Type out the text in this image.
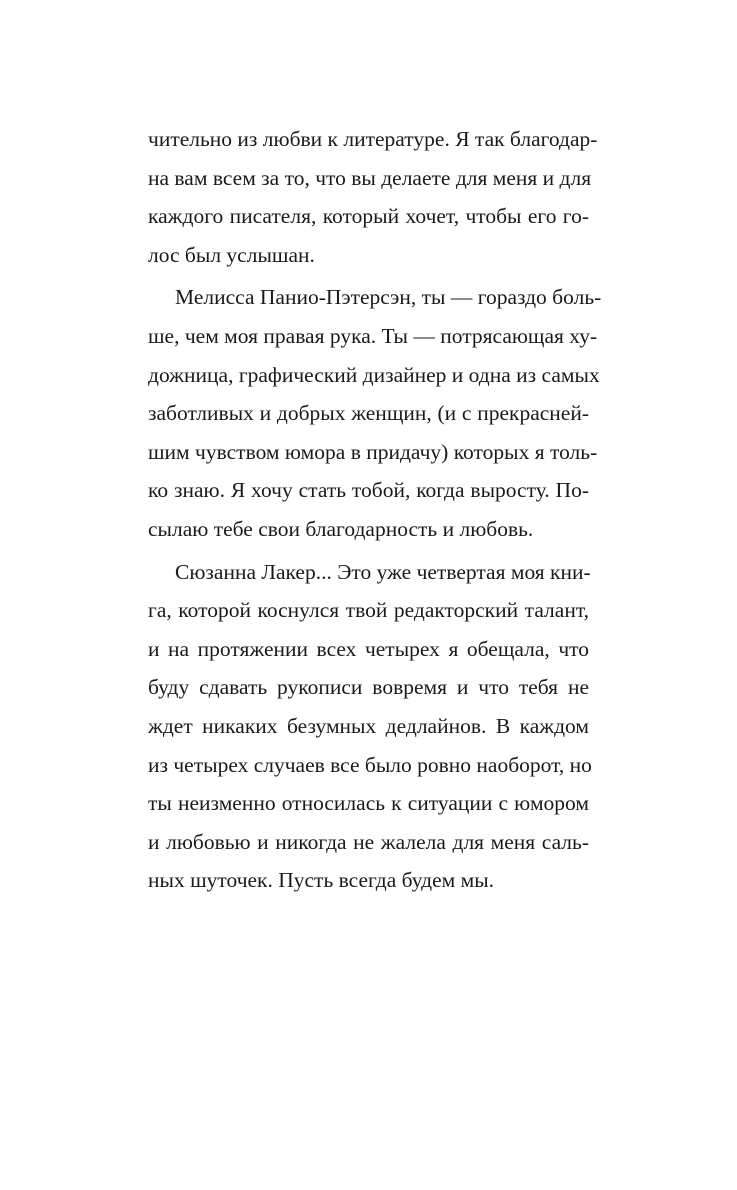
чительно из любви к литературе. Я так благодар-
на вам всем за то, что вы делаете для меня и для
каждого писателя, который хочет, чтобы его го-
лос был услышан.
Мелисса Панио-Пэтерсэн, ты — гораздо боль-
ше, чем моя правая рука. Ты — потрясающая ху-
дожница, графический дизайнер и одна из самых
заботливых и добрых женщин, (и с прекрасней-
шим чувством юмора в придачу) которых я толь-
ко знаю. Я хочу стать тобой, когда выросту. По-
сылаю тебе свои благодарность и любовь.
Сюзанна Лакер... Это уже четвертая моя кни-
га, которой коснулся твой редакторский талант,
и на протяжении всех четырех я обещала, что
буду сдавать рукописи вовремя и что тебя не
ждет никаких безумных дедлайнов. В каждом
из четырех случаев все было ровно наоборот, но
ты неизменно относилась к ситуации с юмором
и любовью и никогда не жалела для меня саль-
ных шуточек. Пусть всегда будем мы.
